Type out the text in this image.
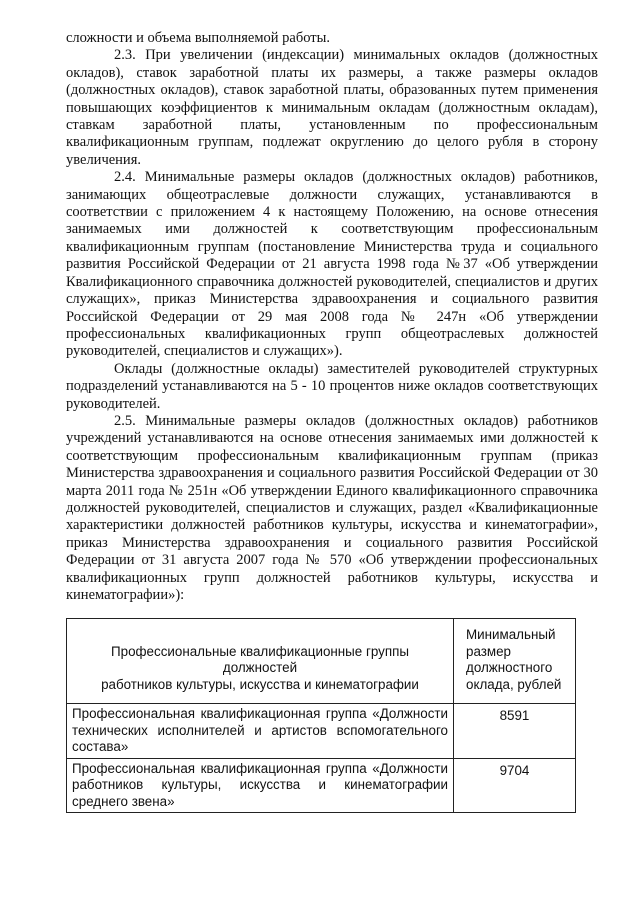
сложности и объема выполняемой работы.

2.3. При увеличении (индексации) минимальных окладов (должностных окладов), ставок заработной платы их размеры, а также размеры окладов (должностных окладов), ставок заработной платы, образованных путем применения повышающих коэффициентов к минимальным окладам (должностным окладам), ставкам заработной платы, установленным по профессиональным квалификационным группам, подлежат округлению до целого рубля в сторону увеличения.

2.4. Минимальные размеры окладов (должностных окладов) работников, занимающих общеотраслевые должности служащих, устанавливаются в соответствии с приложением 4 к настоящему Положению, на основе отнесения занимаемых ими должностей к соответствующим профессиональным квалификационным группам (постановление Министерства труда и социального развития Российской Федерации от 21 августа 1998 года №37 «Об утверждении Квалификационного справочника должностей руководителей, специалистов и других служащих», приказ Министерства здравоохранения и социального развития Российской Федерации от 29 мая 2008 года № 247н «Об утверждении профессиональных квалификационных групп общеотраслевых должностей руководителей, специалистов и служащих»).

Оклады (должностные оклады) заместителей руководителей структурных подразделений устанавливаются на 5 - 10 процентов ниже окладов соответствующих руководителей.

2.5. Минимальные размеры окладов (должностных окладов) работников учреждений устанавливаются на основе отнесения занимаемых ими должностей к соответствующим профессиональным квалификационным группам (приказ Министерства здравоохранения и социального развития Российской Федерации от 30 марта 2011 года № 251н «Об утверждении Единого квалификационного справочника должностей руководителей, специалистов и служащих, раздел «Квалификационные характеристики должностей работников культуры, искусства и кинематографии», приказ Министерства здравоохранения и социального развития Российской Федерации от 31 августа 2007 года № 570 «Об утверждении профессиональных квалификационных групп должностей работников культуры, искусства и кинематографии»):

Профессиональные квалификационные группы
должностей
работников культуры, искусства и кинематографии	Минимальный размер должностного оклада, рублей
Профессиональная квалификационная группа «Должности технических исполнителей и артистов вспомогательного состава»	8591
Профессиональная квалификационная группа «Должности работников культуры, искусства и кинематографии среднего звена»	9704
